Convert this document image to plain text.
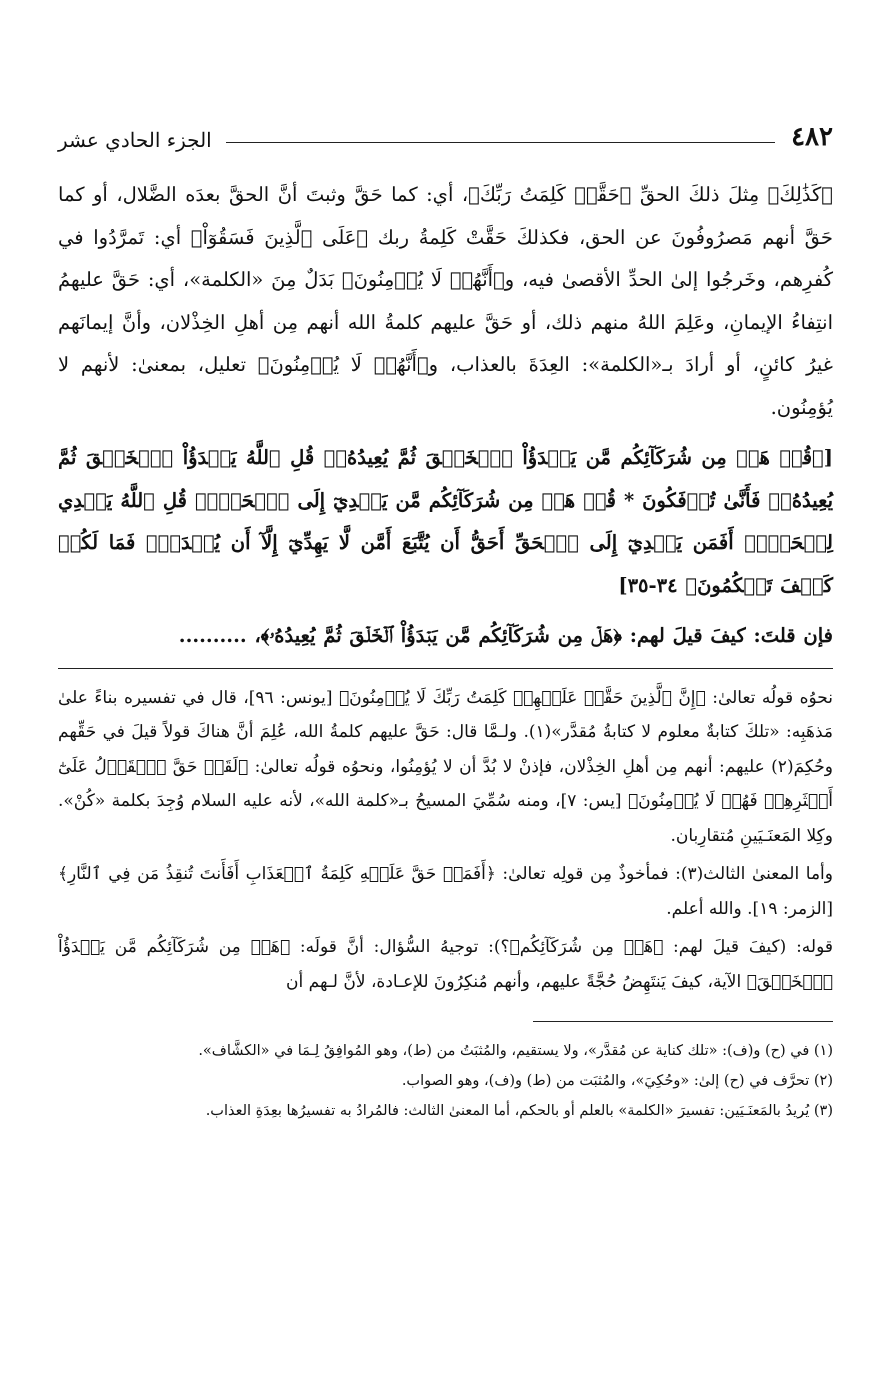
الجزء الحادي عشر	٤٨٢

﴿كَذَٰلِكَ﴾ مِثلَ ذلكَ الحقِّ ﴿حَقَّتۡ كَلِمَتُ رَبِّكَ﴾، أي: كما حَقَّ وثبتَ أنَّ الحقَّ بعدَه الضَّلال، أو كما حَقَّ أنهم مَصرُوفُونَ عن الحق، فكذلكَ حَقَّتْ كَلِمةُ ربك ﴿عَلَى ٱلَّذِينَ فَسَقُوٓاْ﴾ أي: تَمرَّدُوا في كُفرِهم، وخَرجُوا إلىٰ الحدِّ الأقصىٰ فيه، و﴿أَنَّهُمۡ لَا يُؤۡمِنُونَ﴾ بَدَلٌ مِنَ «الكلمة»، أي: حَقَّ عليهمُ انتِفاءُ الإيمانِ، وعَلِمَ اللهُ منهم ذلك، أو حَقَّ عليهم كلمةُ الله أنهم مِن أهلِ الخِذْلان، وأنَّ إيمانَهم غيرُ كائنٍ، أو أرادَ بـ«الكلمة»: العِدَةَ بالعذاب، و﴿أَنَّهُمۡ لَا يُؤۡمِنُونَ﴾ تعليل، بمعنىٰ: لأنهم لا يُؤمِنُون.

[﴿قُلۡ هَلۡ مِن شُرَكَآئِكُم مَّن يَبۡدَؤُاْ ٱلۡخَلۡقَ ثُمَّ يُعِيدُهُۥۚ قُلِ ٱللَّهُ يَبۡدَؤُاْ ٱلۡخَلۡقَ ثُمَّ يُعِيدُهُۥۖ فَأَنَّىٰ تُؤۡفَكُونَ * قُلۡ هَلۡ مِن شُرَكَآئِكُم مَّن يَهۡدِيٓ إِلَى ٱلۡحَقِّۚ قُلِ ٱللَّهُ يَهۡدِي لِلۡحَقِّۗ أَفَمَن يَهۡدِيٓ إِلَى ٱلۡحَقِّ أَحَقُّ أَن يُتَّبَعَ أَمَّن لَّا يَهِدِّيٓ إِلَّآ أَن يُهۡدَىٰۖ فَمَا لَكُمۡ كَيۡفَ تَحۡكُمُونَ﴾ ٣٤-٣٥]

فإن قلتَ: كيفَ قيلَ لهم: ﴿هَلۡ مِن شُرَكَآئِكُم مَّن يَبۡدَؤُاْ ٱلۡخَلۡقَ ثُمَّ يُعِيدُهُۥ﴾، ..........

نحوُه قولُه تعالىٰ: ﴿إِنَّ ٱلَّذِينَ حَقَّتۡ عَلَيۡهِمۡ كَلِمَتُ رَبِّكَ لَا يُؤۡمِنُونَ﴾ [يونس: ٩٦]، قال في تفسيره بناءً علىٰ مَذهَبِه: «تلكَ كتابةٌ معلوم لا كتابةُ مُقدَّر»(١). ولـمَّا قال: حَقَّ عليهم كلمةُ الله، عُلِمَ أنَّ هناكَ قولاً قيلَ في حَقِّهم وحُكِمَ(٢) عليهم: أنهم مِن أهلِ الخِذْلان، فإذنْ لا بُدَّ أن لا يُؤمِنُوا، ونحوُه قولُه تعالىٰ: ﴿لَقَدۡ حَقَّ ٱلۡقَوۡلُ عَلَىٰٓ أَكۡثَرِهِمۡ فَهُمۡ لَا يُؤۡمِنُونَ﴾ [يس: ٧]، ومنه سُمِّيَ المسيحُ بـ«كلمة الله»، لأنه عليه السلام وُجِدَ بكلمة «كُنْ». وكِلا المَعنَـيَينِ مُتقارِبان.

وأما المعنىٰ الثالث(٣): فمأخوذٌ مِن قولِه تعالىٰ: ﴿أَفَمَنۡ حَقَّ عَلَيۡهِ كَلِمَةُ ٱلۡعَذَابِ أَفَأَنتَ تُنقِذُ مَن فِي ٱلنَّارِ﴾ [الزمر: ١٩]. والله أعلم.

قوله: (كيفَ قيلَ لهم: ﴿هَلۡ مِن شُرَكَآئِكُم﴾؟): توجيهُ السُّؤال: أنَّ قولَه: ﴿هَلۡ مِن شُرَكَآئِكُم مَّن يَبۡدَؤُاْ ٱلۡخَلۡقَ﴾ الآية، كيفَ يَنتَهِضُ حُجَّةً عليهم، وأنهم مُنكِرُونَ للإعـادة، لأنَّ لـهم أن

(١) في (ح) و(ف): «تلك كناية عن مُقدَّر»، ولا يستقيم، والمُثبَتُ من (ط)، وهو المُوافِقُ لِـمَا في «الكشَّاف».

(٢) تحرَّف في (ح) إلىٰ: «وحُكِيَ»، والمُثبَت من (ط) و(ف)، وهو الصواب.

(٣) يُريدُ بالمَعنَـيَين: تفسيرَ «الكلمة» بالعلم أو بالحكم، أما المعنىٰ الثالث: فالمُرادُ به تفسيرُها بعِدَةِ العذاب.
